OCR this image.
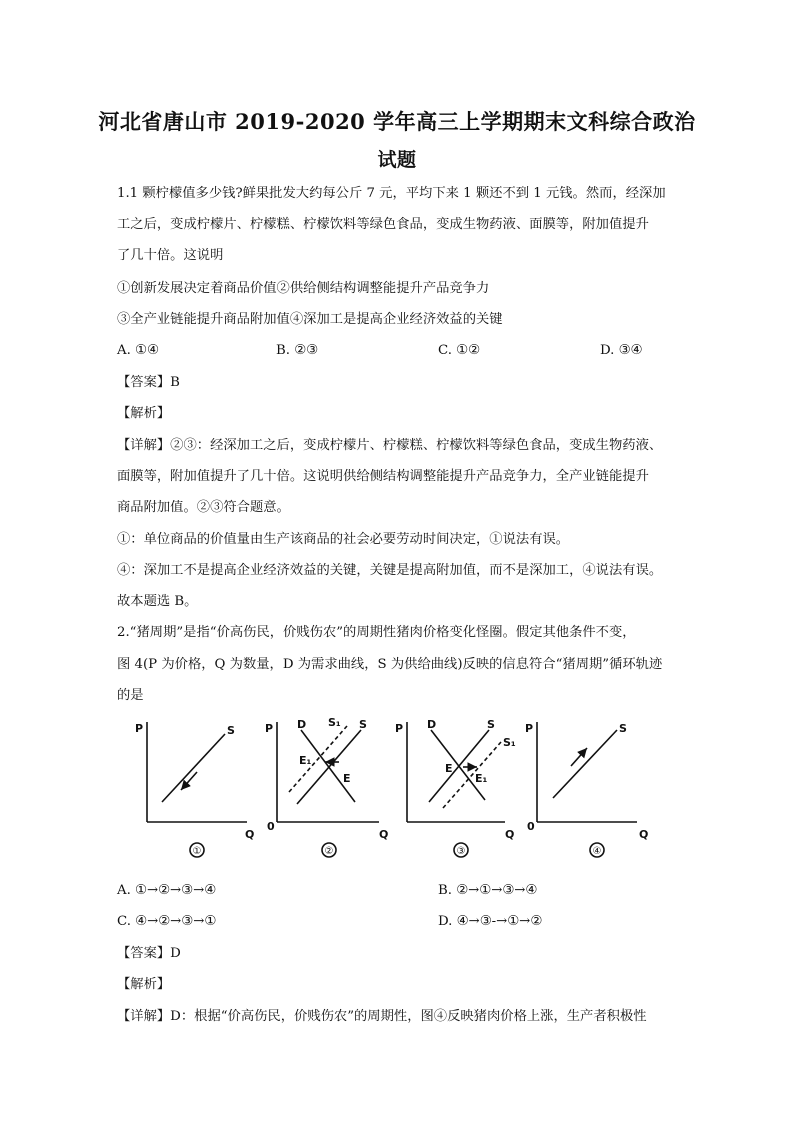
河北省唐山市 2019-2020 学年高三上学期期末文科综合政治
试题
1.1 颗柠檬值多少钱?鲜果批发大约每公斤 7 元，平均下来 1 颗还不到 1 元钱。然而，经深加
工之后，变成柠檬片、柠檬糕、柠檬饮料等绿色食品，变成生物药液、面膜等，附加值提升
了几十倍。这说明
①创新发展决定着商品价值②供给侧结构调整能提升产品竞争力
③全产业链能提升商品附加值④深加工是提高企业经济效益的关键
A. ①④	B. ②③	C. ①②	D. ③④
【答案】B
【解析】
【详解】②③：经深加工之后，变成柠檬片、柠檬糕、柠檬饮料等绿色食品，变成生物药液、
面膜等，附加值提升了几十倍。这说明供给侧结构调整能提升产品竞争力，全产业链能提升
商品附加值。②③符合题意。
①：单位商品的价值量由生产该商品的社会必要劳动时间决定，①说法有误。
④：深加工不是提高企业经济效益的关键，关键是提高附加值，而不是深加工，④说法有误。
故本题选 B。
2.“猪周期”是指“价高伤民，价贱伤农”的周期性猪肉价格变化怪圈。假定其他条件不变，
图 4(P 为价格，Q 为数量，D 为需求曲线，S 为供给曲线)反映的信息符合“猪周期”循环轨迹
的是
P
Q
S	P
0
Q
D S₁ S
E₁
E
P
Q
D	S
S₁
E
E₁
P
0
Q
S
①	②	③	④
A. ①→②→③→④	B. ②→①→③→④
C. ④→②→③→①	D. ④→③-→①→②
【答案】D
【解析】
【详解】D：根据“价高伤民，价贱伤农”的周期性，图④反映猪肉价格上涨，生产者积极性
